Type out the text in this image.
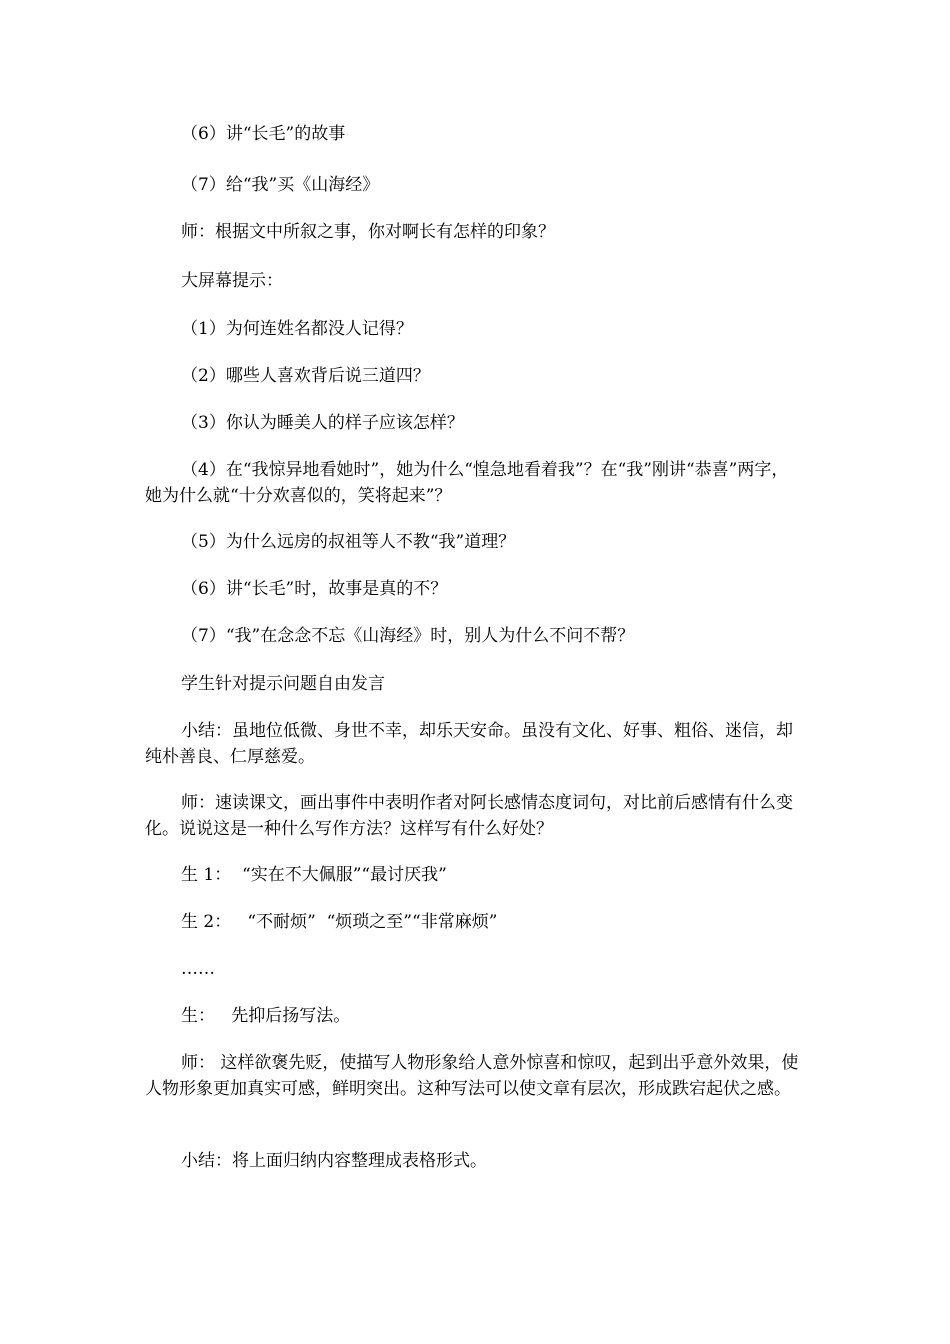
（6）讲“长毛”的故事

（7）给“我”买《山海经》

师：根据文中所叙之事，你对啊长有怎样的印象？

大屏幕提示：

（1）为何连姓名都没人记得？

（2）哪些人喜欢背后说三道四？

（3）你认为睡美人的样子应该怎样？

（4）在“我惊异地看她时”，她为什么“惶急地看着我”？在“我”刚讲“恭喜”两字，她为什么就“十分欢喜似的，笑将起来”？

（5）为什么远房的叔祖等人不教“我”道理？

（6）讲“长毛”时，故事是真的不？

（7）“我”在念念不忘《山海经》时，别人为什么不问不帮？

学生针对提示问题自由发言

小结：虽地位低微、身世不幸，却乐天安命。虽没有文化、好事、粗俗、迷信，却纯朴善良、仁厚慈爱。

师：速读课文，画出事件中表明作者对阿长感情态度词句，对比前后感情有什么变化。说说这是一种什么写作方法？这样写有什么好处？

生 1：  “实在不大佩服”“最讨厌我”

生 2：   “不耐烦”  “烦琐之至”“非常麻烦”

……

生：   先抑后扬写法。

师： 这样欲褒先贬，使描写人物形象给人意外惊喜和惊叹，起到出乎意外效果，使人物形象更加真实可感，鲜明突出。这种写法可以使文章有层次，形成跌宕起伏之感。

小结：将上面归纳内容整理成表格形式。
